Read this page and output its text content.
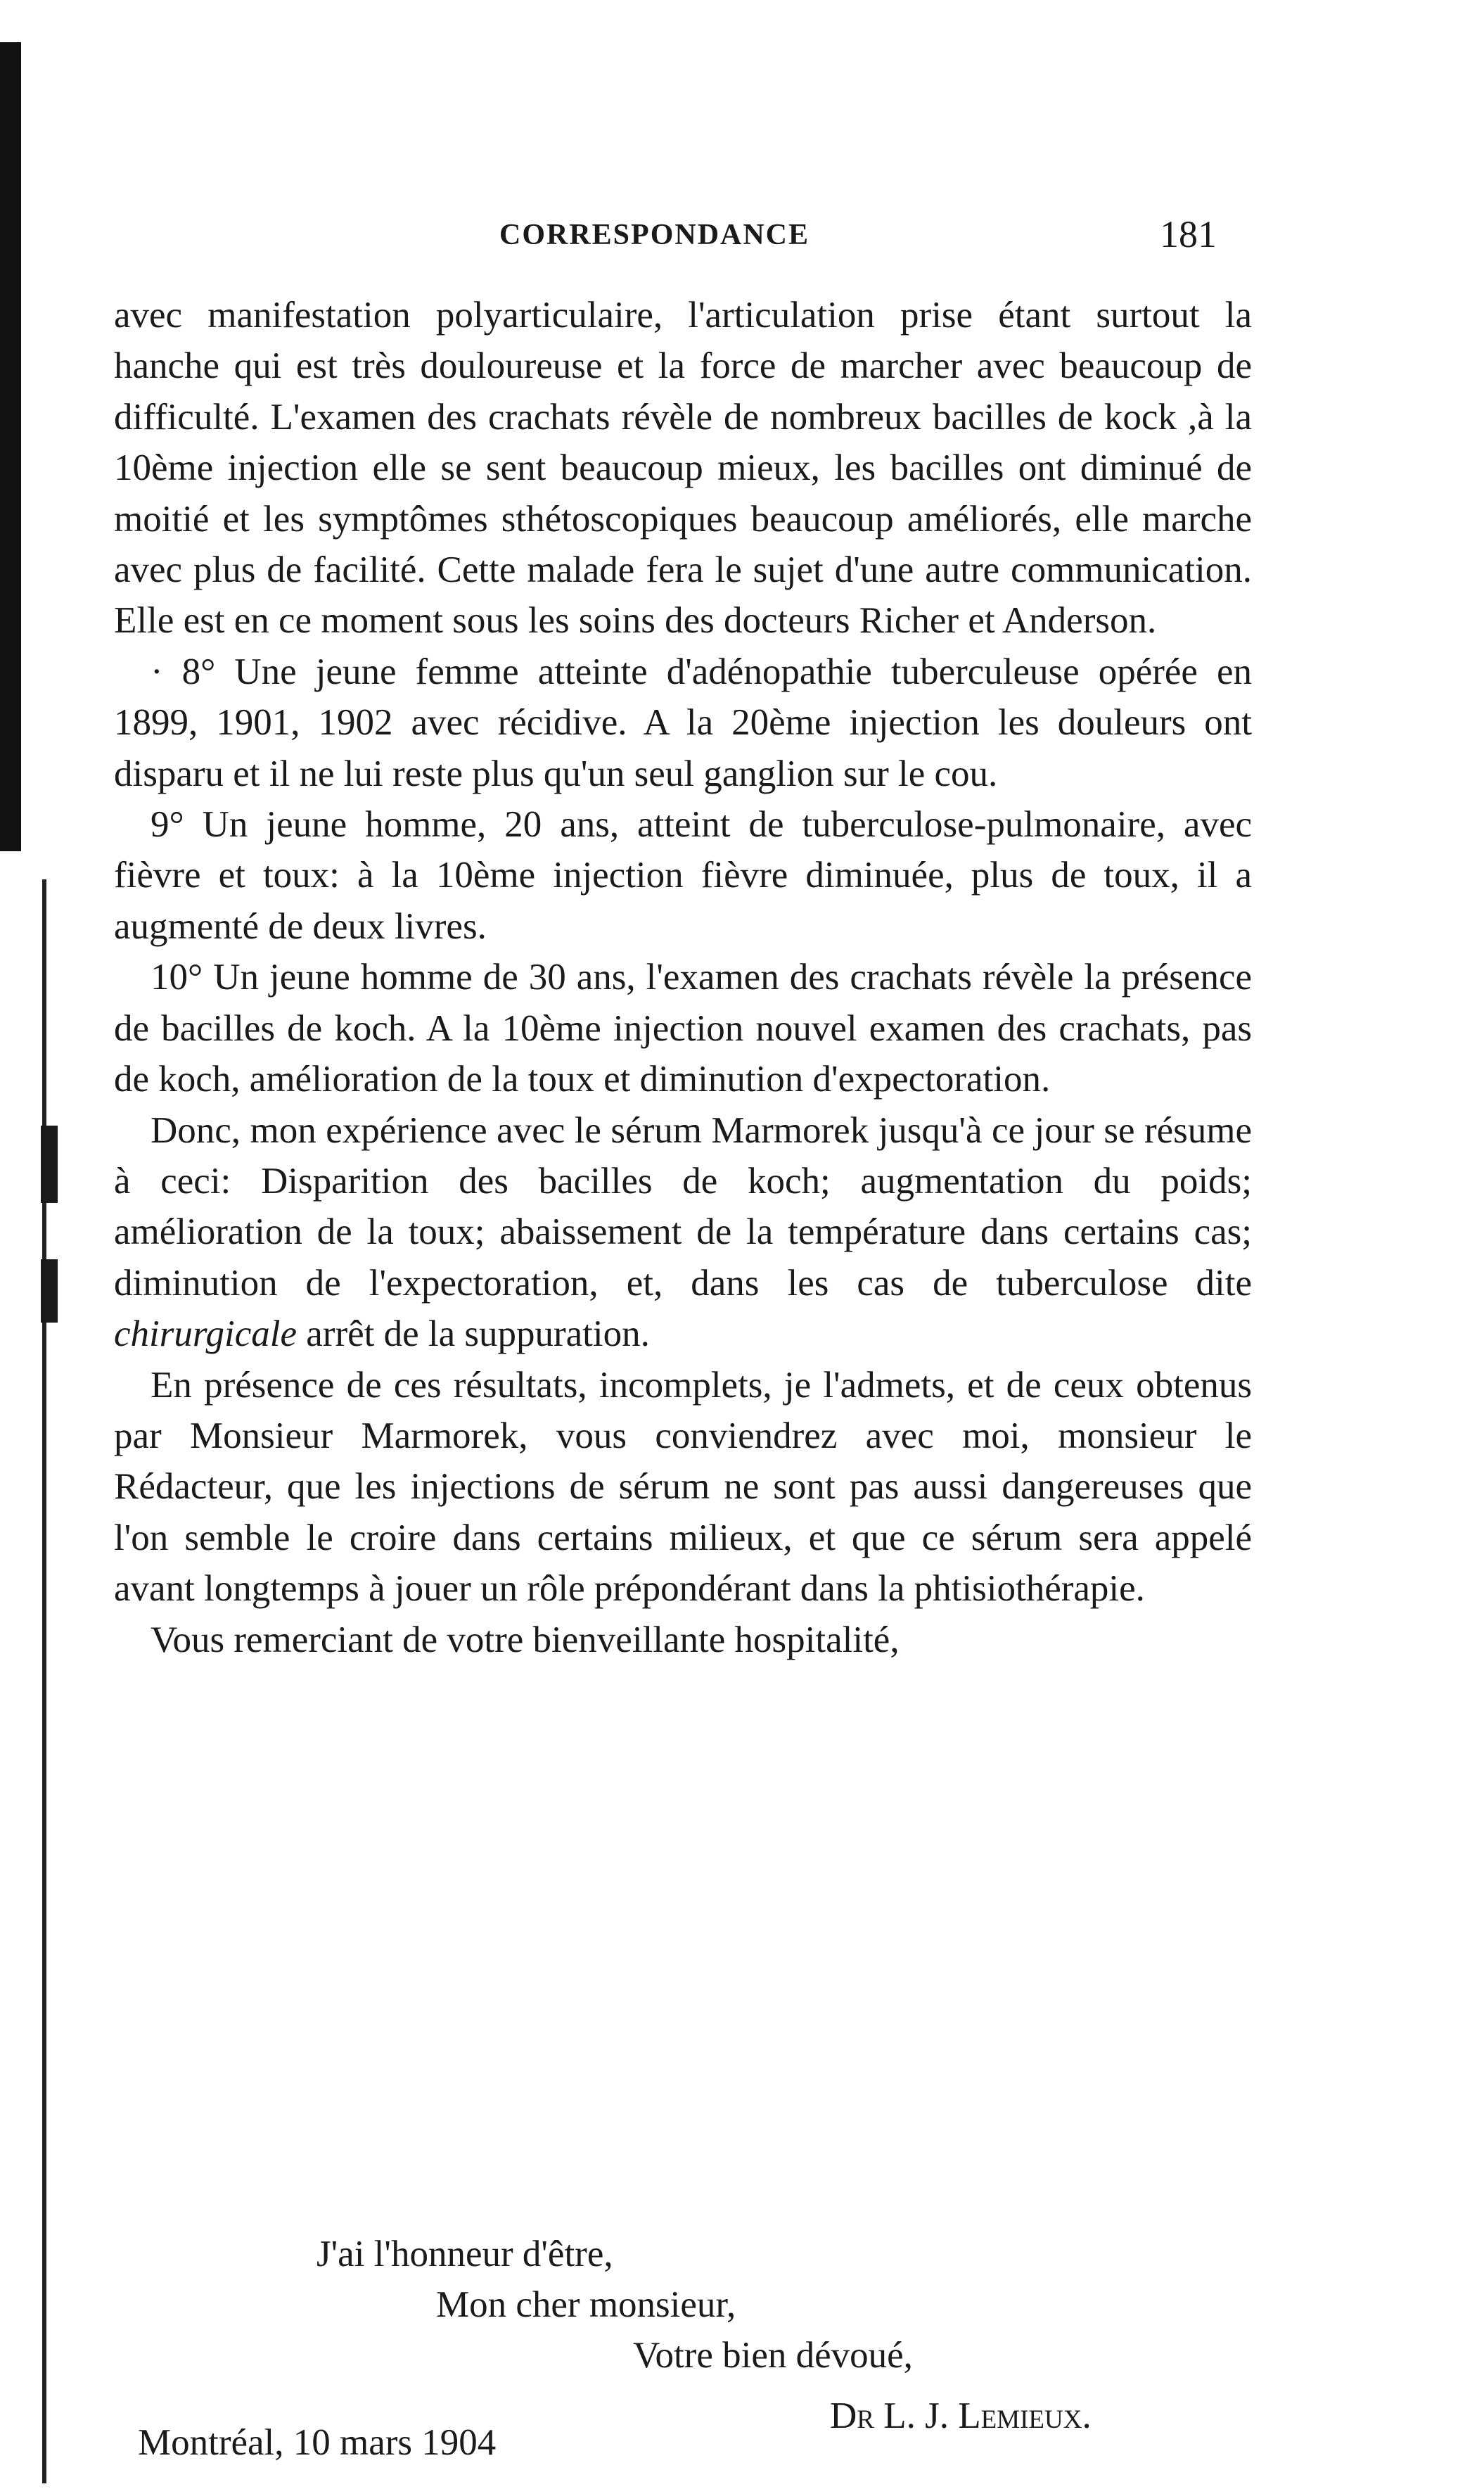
CORRESPONDANCE	181

avec manifestation polyarticulaire, l'articulation prise étant surtout la hanche qui est très douloureuse et la force de marcher avec beaucoup de difficulté. L'examen des crachats révèle de nombreux bacilles de kock ,à la 10ème injection elle se sent beaucoup mieux, les bacilles ont diminué de moitié et les symptômes sthétoscopiques beaucoup améliorés, elle marche avec plus de facilité. Cette malade fera le sujet d'une autre communication. Elle est en ce moment sous les soins des docteurs Richer et Anderson.

· 8° Une jeune femme atteinte d'adénopathie tuberculeuse opérée en 1899, 1901, 1902 avec récidive. A la 20ème injection les douleurs ont disparu et il ne lui reste plus qu'un seul ganglion sur le cou.

9° Un jeune homme, 20 ans, atteint de tuberculose-pulmonaire, avec fièvre et toux: à la 10ème injection fièvre diminuée, plus de toux, il a augmenté de deux livres.

10° Un jeune homme de 30 ans, l'examen des crachats révèle la présence de bacilles de koch. A la 10ème injection nouvel examen des crachats, pas de koch, amélioration de la toux et diminution d'expectoration.

Donc, mon expérience avec le sérum Marmorek jusqu'à ce jour se résume à ceci: Disparition des bacilles de koch; augmentation du poids; amélioration de la toux; abaissement de la température dans certains cas; diminution de l'expectoration, et, dans les cas de tuberculose dite chirurgicale arrêt de la suppuration.

En présence de ces résultats, incomplets, je l'admets, et de ceux obtenus par Monsieur Marmorek, vous conviendrez avec moi, monsieur le Rédacteur, que les injections de sérum ne sont pas aussi dangereuses que l'on semble le croire dans certains milieux, et que ce sérum sera appelé avant longtemps à jouer un rôle prépondérant dans la phtisiothérapie.

Vous remerciant de votre bienveillante hospitalité,

J'ai l'honneur d'être,
Mon cher monsieur,
Votre bien dévoué,
Dr L. J. Lemieux.
Montréal, 10 mars 1904
